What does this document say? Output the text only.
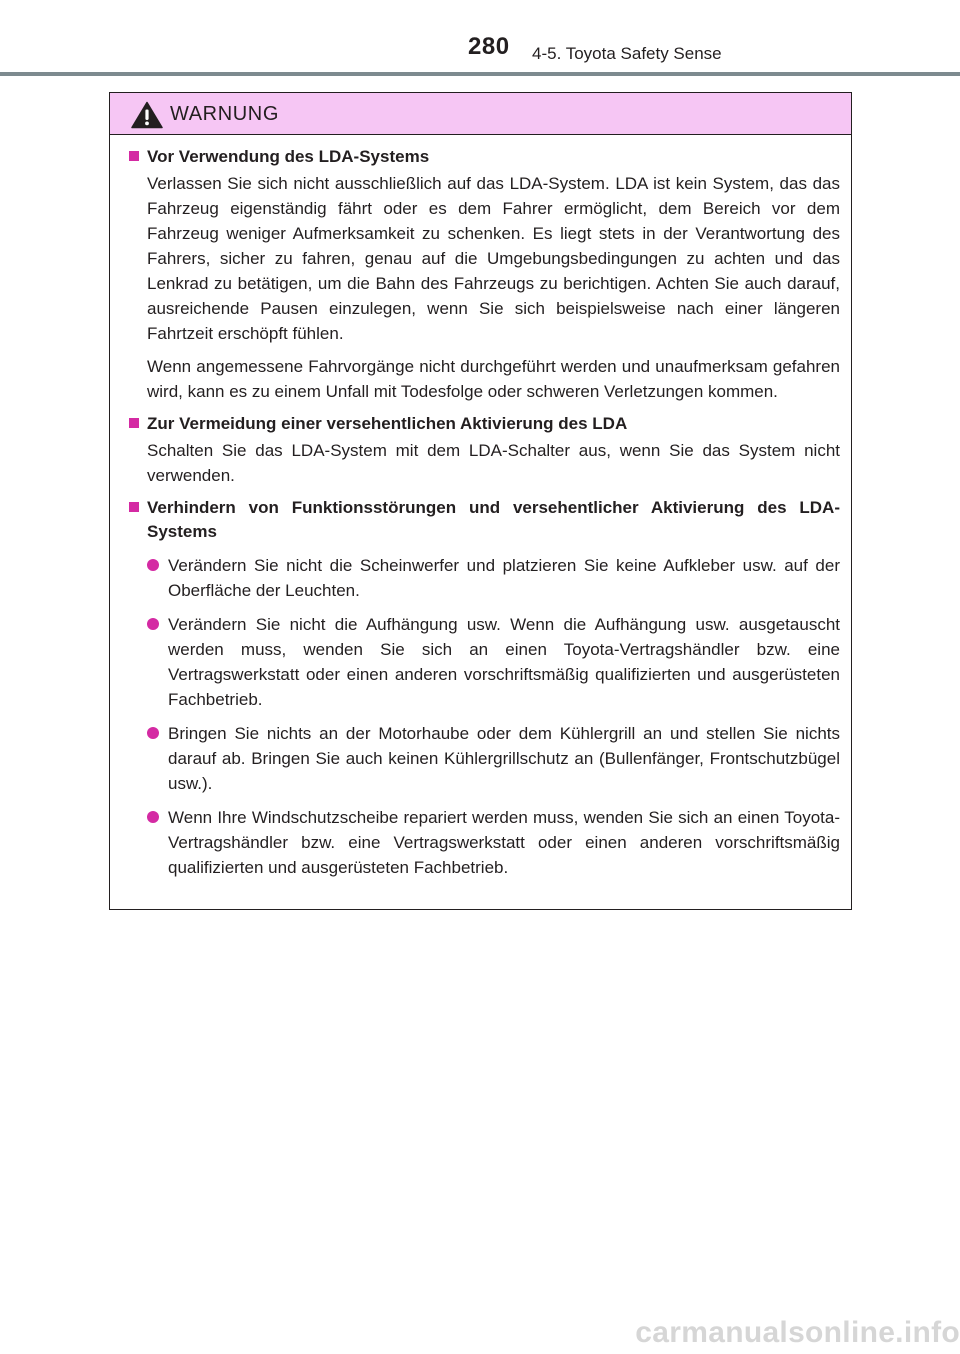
280 4-5. Toyota Safety Sense
WARNUNG
Vor Verwendung des LDA-Systems
Verlassen Sie sich nicht ausschließlich auf das LDA-System. LDA ist kein System, das das Fahrzeug eigenständig fährt oder es dem Fahrer ermöglicht, dem Bereich vor dem Fahrzeug weniger Aufmerksamkeit zu schenken. Es liegt stets in der Verantwortung des Fahrers, sicher zu fahren, genau auf die Umgebungsbedingungen zu achten und das Lenkrad zu betätigen, um die Bahn des Fahrzeugs zu berichtigen. Achten Sie auch darauf, ausreichende Pausen einzulegen, wenn Sie sich beispielsweise nach einer längeren Fahrtzeit erschöpft fühlen.
Wenn angemessene Fahrvorgänge nicht durchgeführt werden und unaufmerksam gefahren wird, kann es zu einem Unfall mit Todesfolge oder schweren Verletzungen kommen.
Zur Vermeidung einer versehentlichen Aktivierung des LDA
Schalten Sie das LDA-System mit dem LDA-Schalter aus, wenn Sie das System nicht verwenden.
Verhindern von Funktionsstörungen und versehentlicher Aktivierung des LDA-Systems
Verändern Sie nicht die Scheinwerfer und platzieren Sie keine Aufkleber usw. auf der Oberfläche der Leuchten.
Verändern Sie nicht die Aufhängung usw. Wenn die Aufhängung usw. ausgetauscht werden muss, wenden Sie sich an einen Toyota-Vertragshändler bzw. eine Vertragswerkstatt oder einen anderen vorschriftsmäßig qualifizierten und ausgerüsteten Fachbetrieb.
Bringen Sie nichts an der Motorhaube oder dem Kühlergrill an und stellen Sie nichts darauf ab. Bringen Sie auch keinen Kühlergrillschutz an (Bullenfänger, Frontschutzbügel usw.).
Wenn Ihre Windschutzscheibe repariert werden muss, wenden Sie sich an einen Toyota-Vertragshändler bzw. eine Vertragswerkstatt oder einen anderen vorschriftsmäßig qualifizierten und ausgerüsteten Fachbetrieb.
carmanualsonline.info
